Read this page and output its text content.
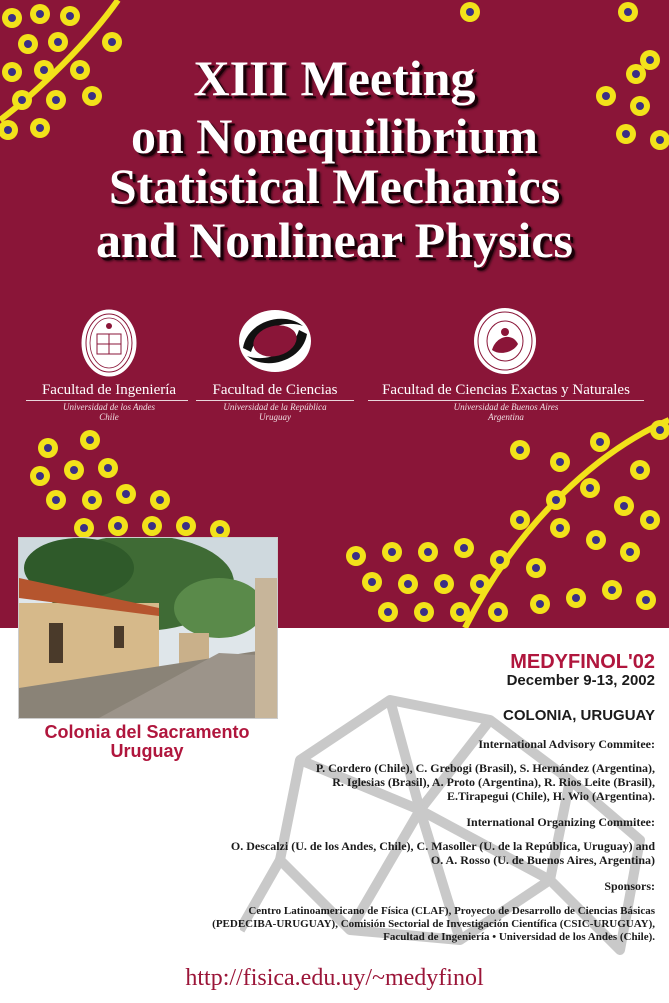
XIII Meeting
on Nonequilibrium
Statistical Mechanics
and Nonlinear Physics
Facultad de Ingeniería
Universidad de los Andes
Chile
Facultad de Ciencias
Universidad de la República
Uruguay
Facultad de Ciencias Exactas y Naturales
Universidad de Buenos Aires
Argentina
Colonia del Sacramento
Uruguay
MEDYFINOL'02
December 9-13, 2002
COLONIA, URUGUAY
International Advisory Commitee:
P. Cordero (Chile), C. Grebogi (Brasil), S. Hernández (Argentina),
R. Iglesias (Brasil), A. Proto (Argentina), R. Rios Leite (Brasil),
E.Tirapegui (Chile), H. Wio (Argentina).
International Organizing Commitee:
O. Descalzi (U. de los Andes, Chile), C. Masoller (U. de la República, Uruguay) and
O. A. Rosso (U. de Buenos Aires, Argentina)
Sponsors:
Centro Latinoamericano de Física (CLAF), Proyecto de Desarrollo de Ciencias Básicas
(PEDECIBA-URUGUAY), Comisión Sectorial de Investigación Científica (CSIC-URUGUAY),
Facultad de Ingeniería • Universidad de los Andes (Chile).
http://fisica.edu.uy/~medyfinol
